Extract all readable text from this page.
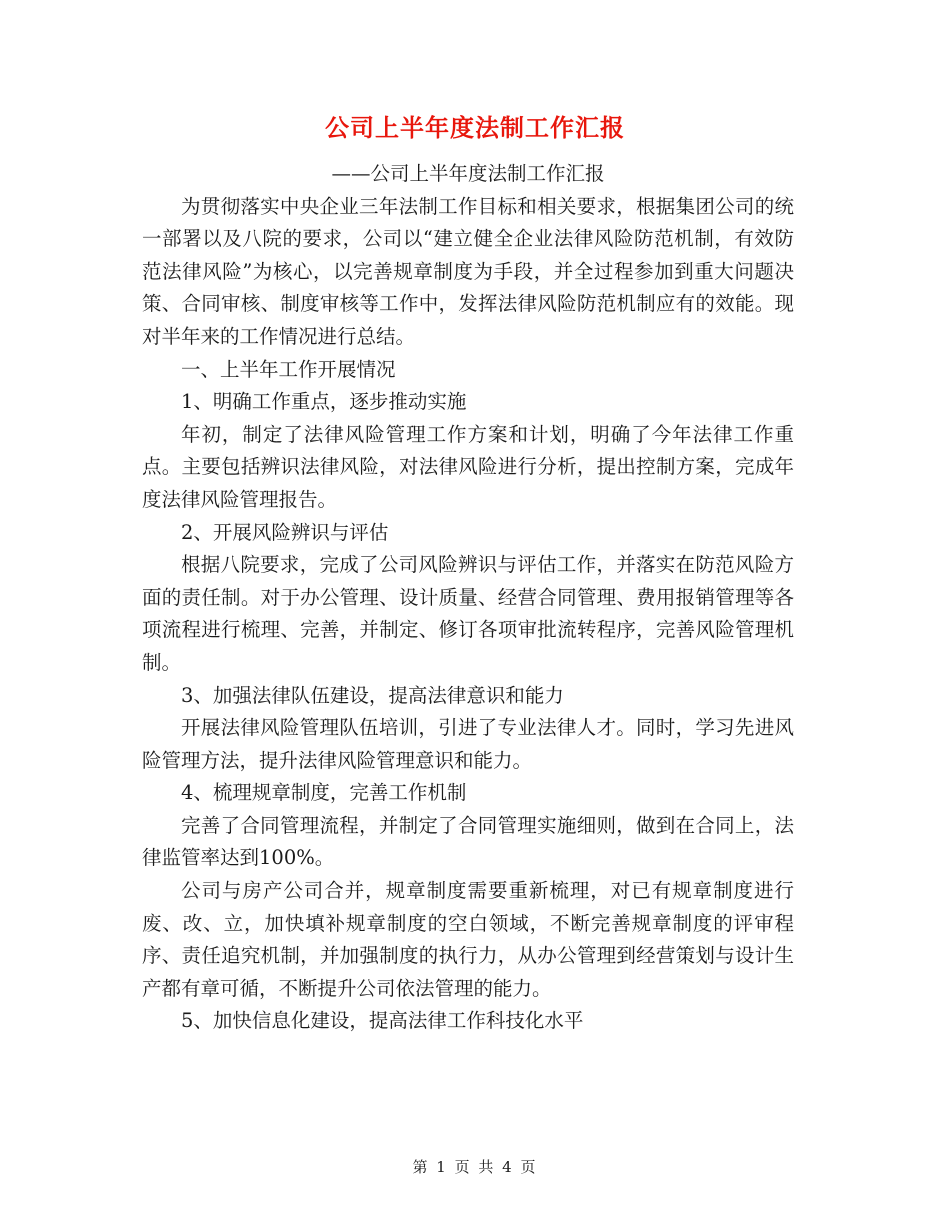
公司上半年度法制工作汇报

——公司上半年度法制工作汇报

为贯彻落实中央企业三年法制工作目标和相关要求，根据集团公司的统一部署以及八院的要求，公司以“建立健全企业法律风险防范机制，有效防范法律风险”为核心，以完善规章制度为手段，并全过程参加到重大问题决策、合同审核、制度审核等工作中，发挥法律风险防范机制应有的效能。现对半年来的工作情况进行总结。

一、上半年工作开展情况

1、明确工作重点，逐步推动实施

年初，制定了法律风险管理工作方案和计划，明确了今年法律工作重点。主要包括辨识法律风险，对法律风险进行分析，提出控制方案，完成年度法律风险管理报告。

2、开展风险辨识与评估

根据八院要求，完成了公司风险辨识与评估工作，并落实在防范风险方面的责任制。对于办公管理、设计质量、经营合同管理、费用报销管理等各项流程进行梳理、完善，并制定、修订各项审批流转程序，完善风险管理机制。

3、加强法律队伍建设，提高法律意识和能力

开展法律风险管理队伍培训，引进了专业法律人才。同时，学习先进风险管理方法，提升法律风险管理意识和能力。

4、梳理规章制度，完善工作机制

完善了合同管理流程，并制定了合同管理实施细则，做到在合同上，法律监管率达到100%。

公司与房产公司合并，规章制度需要重新梳理，对已有规章制度进行废、改、立，加快填补规章制度的空白领域，不断完善规章制度的评审程序、责任追究机制，并加强制度的执行力，从办公管理到经营策划与设计生产都有章可循，不断提升公司依法管理的能力。

5、加快信息化建设，提高法律工作科技化水平

第 1 页 共 4 页
